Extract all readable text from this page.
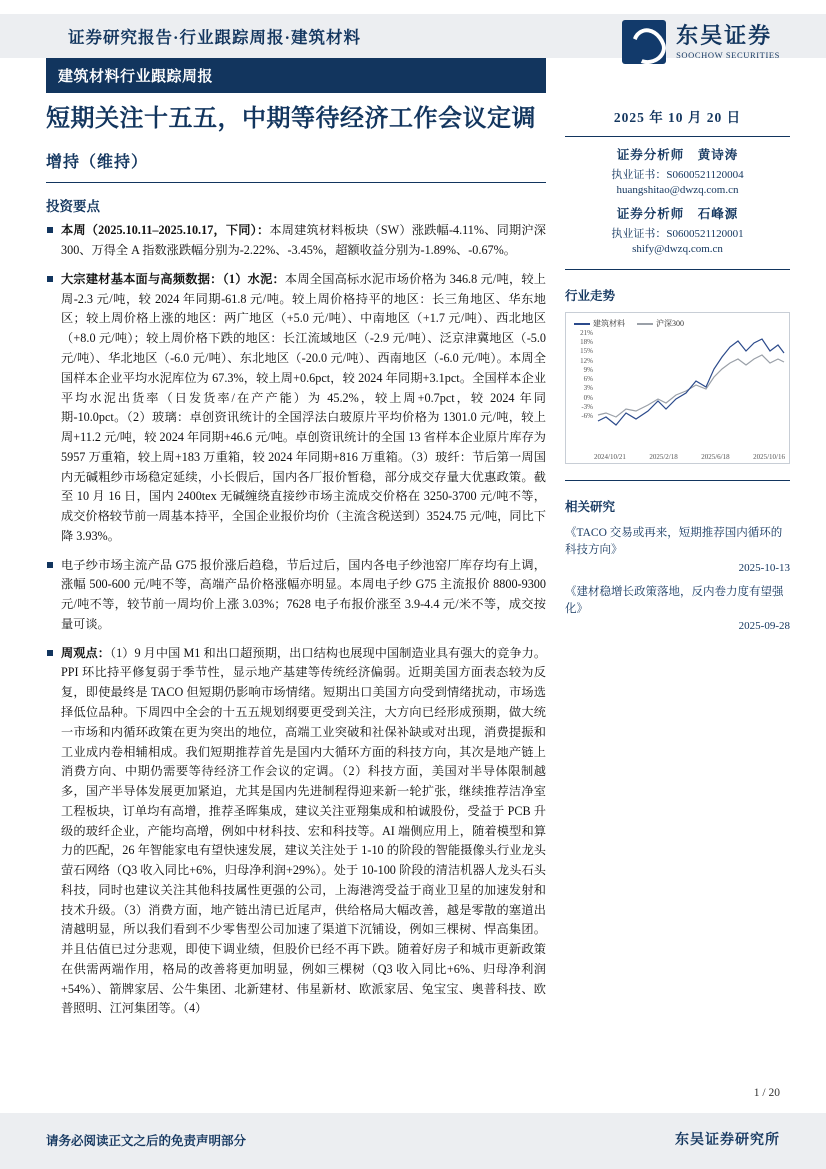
证券研究报告·行业跟踪周报·建筑材料	东吴证券
SOOCHOW SECURITIES
建筑材料行业跟踪周报
短期关注十五五，中期等待经济工作会议定调
增持（维持）
投资要点
本周（2025.10.11–2025.10.17，下同）：本周建筑材料板块（SW）涨跌幅-4.11%、同期沪深 300、万得全 A 指数涨跌幅分别为-2.22%、-3.45%，超额收益分别为-1.89%、-0.67%。
大宗建材基本面与高频数据：（1）水泥：本周全国高标水泥市场价格为 346.8 元/吨，较上周-2.3 元/吨，较 2024 年同期-61.8 元/吨。较上周价格持平的地区：长三角地区、华东地区；较上周价格上涨的地区：两广地区（+5.0 元/吨）、中南地区（+1.7 元/吨）、西北地区（+8.0 元/吨）；较上周价格下跌的地区：长江流域地区（-2.9 元/吨）、泛京津冀地区（-5.0 元/吨）、华北地区（-6.0 元/吨）、东北地区（-20.0 元/吨）、西南地区（-6.0 元/吨）。本周全国样本企业平均水泥库位为 67.3%，较上周+0.6pct，较 2024 年同期+3.1pct。全国样本企业平均水泥出货率（日发货率/在产产能）为 45.2%，较上周+0.7pct，较 2024 年同期-10.0pct。（2）玻璃：卓创资讯统计的全国浮法白玻原片平均价格为 1301.0 元/吨，较上周+11.2 元/吨，较 2024 年同期+46.6 元/吨。卓创资讯统计的全国 13 省样本企业原片库存为 5957 万重箱，较上周+183 万重箱，较 2024 年同期+816 万重箱。（3）玻纤：节后第一周国内无碱粗纱市场稳定延续，小长假后，国内各厂报价暂稳，部分成交存量大优惠政策。截至 10 月 16 日，国内 2400tex 无碱缠绕直接纱市场主流成交价格在 3250-3700 元/吨不等，成交价格较节前一周基本持平，全国企业报价均价（主流含税送到）3524.75 元/吨，同比下降 3.93%。
电子纱市场主流产品 G75 报价涨后趋稳，节后过后，国内各电子纱池窑厂库存均有上调，涨幅 500-600 元/吨不等，高端产品价格涨幅亦明显。本周电子纱 G75 主流报价 8800-9300 元/吨不等，较节前一周均价上涨 3.03%；7628 电子布报价涨至 3.9-4.4 元/米不等，成交按量可谈。
周观点：（1）9 月中国 M1 和出口超预期，出口结构也展现中国制造业具有强大的竞争力。PPI 环比持平修复弱于季节性，显示地产基建等传统经济偏弱。近期美国方面表态较为反复，即使最终是 TACO 但短期仍影响市场情绪。短期出口美国方向受到情绪扰动，市场选择低位品种。下周四中全会的十五五规划纲要更受到关注，大方向已经形成预期，做大统一市场和内循环政策在更为突出的地位，高端工业突破和社保补缺或对出现，消费提振和工业成内卷相辅相成。我们短期推荐首先是国内大循环方面的科技方向，其次是地产链上消费方向、中期仍需要等待经济工作会议的定调。（2）科技方面，美国对半导体限制越多，国产半导体发展更加紧迫，尤其是国内先进制程得迎来新一轮扩张，继续推荐洁净室工程板块，订单均有高增，推荐圣晖集成，建议关注亚翔集成和柏诚股份，受益于 PCB 升级的玻纤企业，产能均高增，例如中材科技、宏和科技等。AI 端侧应用上，随着模型和算力的匹配，26 年智能家电有望快速发展，建议关注处于 1-10 的阶段的智能摄像头行业龙头萤石网络（Q3 收入同比+6%，归母净利润+29%）。处于 10-100 阶段的清洁机器人龙头石头科技，同时也建议关注其他科技属性更强的公司，上海港湾受益于商业卫星的加速发射和技术升级。（3）消费方面，地产链出清已近尾声，供给格局大幅改善，越是零散的塞道出清越明显，所以我们看到不少零售型公司加速了渠道下沉铺设，例如三棵树、悍高集团。并且估值已过分悲观，即使下调业绩，但股价已经不再下跌。随着好房子和城市更新政策在供需两端作用，格局的改善将更加明显，例如三棵树（Q3 收入同比+6%、归母净利润+54%）、箭牌家居、公牛集团、北新建材、伟星新材、欧派家居、兔宝宝、奥普科技、欧普照明、江河集团等。（4）
2025 年 10 月 20 日
证券分析师　黄诗涛
执业证书：S0600521120004
huangshitao@dwzq.com.cn
证券分析师　石峰源
执业证书：S0600521120001
shify@dwzq.com.cn
行业走势
建筑材料	沪深300
21%
18%
15%
12%
9%
6%
3%
0%
-3%
-6%
2024/10/21	2025/2/18	2025/6/18	2025/10/16
相关研究
《TACO 交易或再来，短期推荐国内循环的科技方向》
2025-10-13
《建材稳增长政策落地，反内卷力度有望强化》
2025-09-28
1 / 20
请务必阅读正文之后的免责声明部分	东吴证券研究所
